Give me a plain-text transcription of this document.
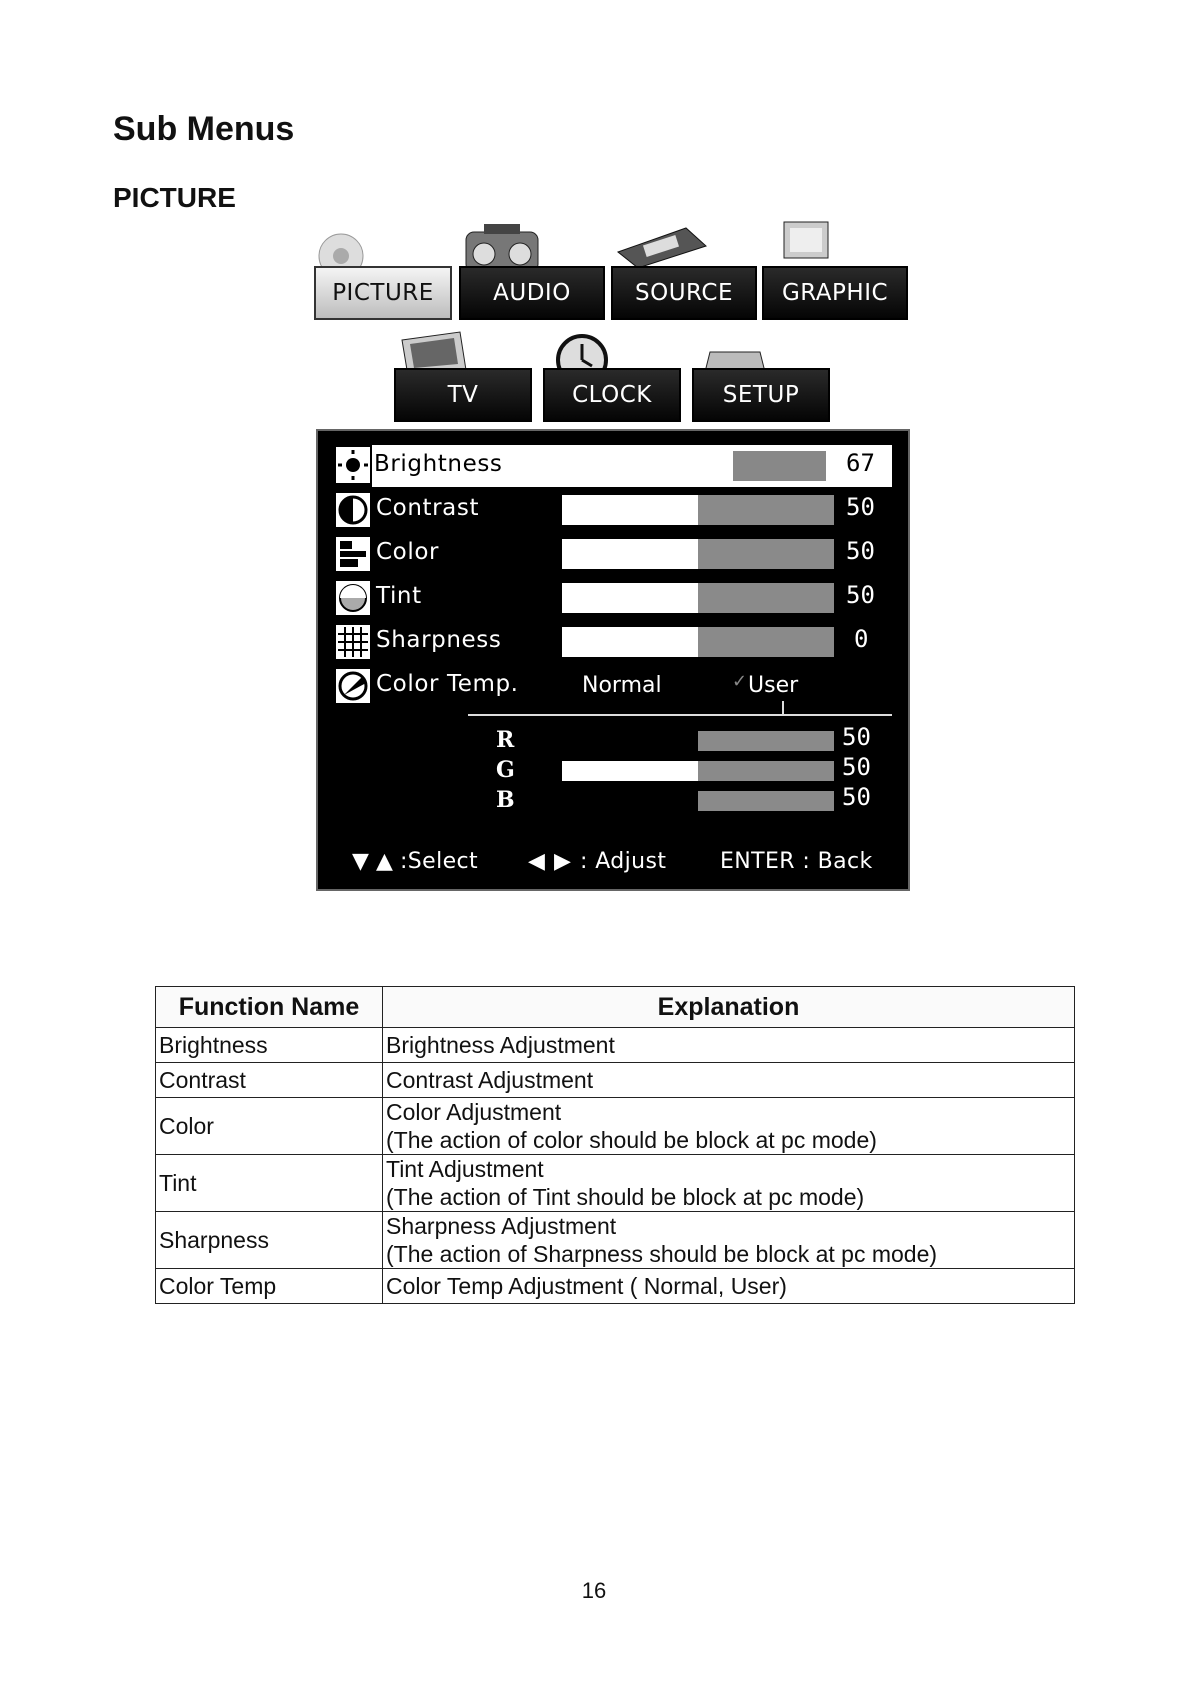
Sub Menus
PICTURE
PICTURE	AUDIO	SOURCE	GRAPHIC
TV	CLOCK	SETUP
Brightness	67
Contrast	50
Color	50
Tint	50
Sharpness	0
Color Temp.	Normal	✓ User
R	50
G	50
B	50
▼ ▲ :Select ◀ ▶ : Adjust ENTER : Back
Function Name	Explanation
Brightness	Brightness Adjustment

Contrast	Contrast Adjustment

Color	Color Adjustment
(The action of color should be block at pc mode)

Tint	Tint Adjustment
(The action of Tint should be block at pc mode)

Sharpness	Sharpness Adjustment
(The action of Sharpness should be block at pc mode)

Color Temp	Color Temp Adjustment ( Normal, User)
16
